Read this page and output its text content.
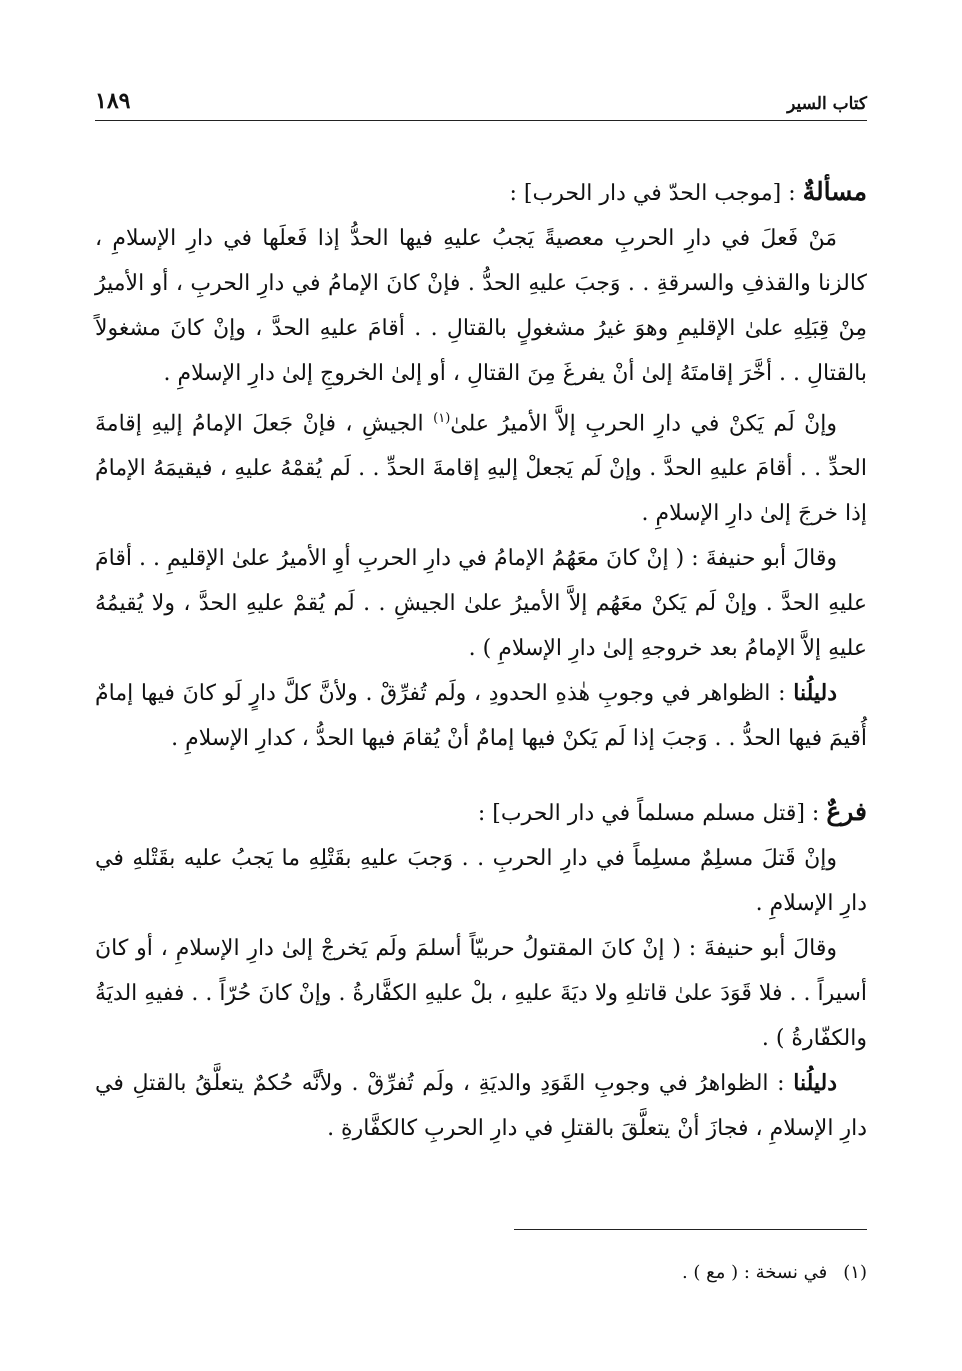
كتاب السير
١٨٩

مسألةٌ : [موجب الحدّ في دار الحرب] :

مَنْ فَعلَ في دارِ الحربِ معصيةً يَجبُ عليهِ فيها الحدُّ إذا فَعلَها في دارِ الإسلامِ ، كالزنا والقذفِ والسرقةِ . . وَجبَ عليهِ الحدُّ . فإنْ كانَ الإمامُ في دارِ الحربِ ، أو الأميرُ مِنْ قِبَلِهِ علىٰ الإقليمِ وهوَ غيرُ مشغولٍ بالقتالِ . . أقامَ عليهِ الحدَّ ، وإنْ كانَ مشغولاً بالقتالِ . . أخَّرَ إقامتَهُ إلىٰ أنْ يفرغَ مِنَ القتالِ ، أو إلىٰ الخروجِ إلىٰ دارِ الإسلامِ .

وإنْ لَم يَكنْ في دارِ الحربِ إلاَّ الأميرُ علىٰ$^{(١)}$ الجيشِ ، فإنْ جَعلَ الإمامُ إليهِ إقامةَ الحدِّ . . أقامَ عليهِ الحدَّ . وإنْ لَم يَجعلْ إليهِ إقامةَ الحدِّ . . لَم يُقمْهُ عليهِ ، فيقيمَهُ الإمامُ إذا خرجَ إلىٰ دارِ الإسلامِ .

وقالَ أبو حنيفةَ : ( إنْ كانَ معَهُمُ الإمامُ في دارِ الحربِ أوِ الأميرُ علىٰ الإقليمِ . . أقامَ عليهِ الحدَّ . وإنْ لَم يَكنْ معَهُم إلاَّ الأميرُ علىٰ الجيشِ . . لَم يُقمْ عليهِ الحدَّ ، ولا يُقيمُهُ عليهِ إلاَّ الإمامُ بعد خروجهِ إلىٰ دارِ الإسلامِ ) .

دليلُنا : الظواهر في وجوبِ هٰذهِ الحدودِ ، ولَم تُفرِّقْ . ولأنَّ كلَّ دارٍ لَو كانَ فيها إمامٌ أُقيمَ فيها الحدُّ . . وَجبَ إذا لَم يَكنْ فيها إمامٌ أنْ يُقامَ فيها الحدُّ ، كدارِ الإسلامِ .

فرعٌ : [قتل مسلم مسلماً في دار الحرب] :

وإنْ قَتلَ مسلِمٌ مسلِماً في دارِ الحربِ . . وَجبَ عليهِ بقَتْلِهِ ما يَجبُ عليه بقَتْلهِ في دارِ الإسلامِ .

وقالَ أبو حنيفةَ : ( إنْ كانَ المقتولُ حربيّاً أسلمَ ولَم يَخرجْ إلىٰ دارِ الإسلامِ ، أو كانَ أسيراً . . فلا قَوَدَ علىٰ قاتلهِ ولا ديَةَ عليهِ ، بلْ عليهِ الكفَّارةُ . وإنْ كانَ حُرّاً . . ففيهِ الديَةُ والكفّارةُ ) .

دليلُنا : الظواهرُ في وجوبِ القَوَدِ والديَةِ ، ولَم تُفرِّقْ . ولأنَّه حُكمٌ يتعلَّقُ بالقتلِ في دارِ الإسلامِ ، فجازَ أنْ يتعلَّقَ بالقتلِ في دارِ الحربِ كالكفَّارةِ .

(١)في نسخة : ( مع ) .
